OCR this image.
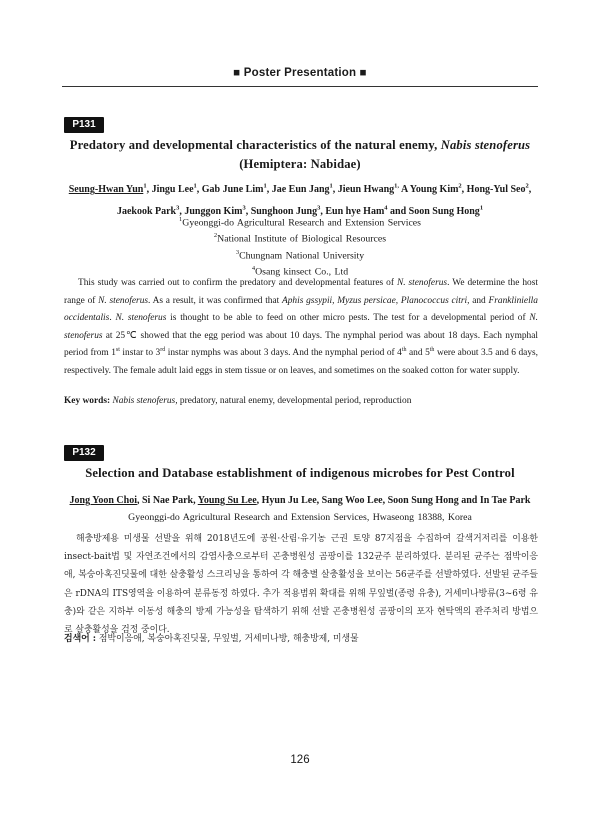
■ Poster Presentation ■
P131
Predatory and developmental characteristics of the natural enemy, Nabis stenoferus
(Hemiptera: Nabidae)
Seung-Hwan Yun$^1$, Jingu Lee$^1$, Gab June Lim$^1$, Jae Eun Jang$^1$, Jieun Hwang$^{1,}$ A Young Kim$^2$, Hong-Yul Seo$^2$,
Jaekook Park$^3$, Junggon Kim$^3$, Sunghoon Jung$^3$, Eun hye Ham$^4$ and Soon Sung Hong$^1$
$^1$Gyeonggi-do Agricultural Research and Extension Services
$^2$National Institute of Biological Resources
$^3$Chungnam National University
$^4$Osang kinsect Co., Ltd
This study was carried out to confirm the predatory and developmental features of N. stenoferus. We determine the host range of N. stenoferus. As a result, it was confirmed that Aphis gssypii, Myzus persicae, Planococcus citri, and Frankliniella occidentalis. N. stenoferus is thought to be able to feed on other micro pests. The test for a developmental period of N. stenoferus at 25℃ showed that the egg period was about 10 days. The nymphal period was about 18 days. Each nymphal period from 1st instar to 3rd instar nymphs was about 3 days. And the nymphal period of 4th and 5th were about 3.5 and 6 days, respectively. The female adult laid eggs in stem tissue or on leaves, and sometimes on the soaked cotton for water supply.
Key words: Nabis stenoferus, predatory, natural enemy, developmental period, reproduction
P132
Selection and Database establishment of indigenous microbes for Pest Control
Jong Yoon Choi, Si Nae Park, Young Su Lee, Hyun Ju Lee, Sang Woo Lee, Soon Sung Hong and In Tae Park
Gyeonggi-do Agricultural Research and Extension Services, Hwaseong 18388, Korea
해충방제용 미생물 선발을 위해 2018년도에 공원·산림·유기농 근권 토양 87지점을 수집하여 갈색거저리를 이용한 insect-bait법 및 자연조건에서의 감염사충으로부터 곤충병원성 곰팡이를 132균주 분리하였다. 분리된 균주는 점박이응애, 복숭아혹진딧물에 대한 살충활성 스크리닝을 통하여 각 해충별 살충활성을 보이는 56균주를 선발하였다. 선발된 균주들은 rDNA의 ITS영역을 이용하여 분류동정 하였다. 추가 적용범위 확대를 위해 무잎벌(종령 유충), 거세미나방류(3~6령 유충)와 같은 지하부 이동성 해충의 방제 가능성을 탐색하기 위해 선발 곤충병원성 곰팡이의 포자 현탁액의 관주처리 방법으로 살충활성을 검정 중이다.
검색어 : 점박이응애, 복숭아혹진딧물, 무잎벌, 거세미나방, 해충방제, 미생물
126
